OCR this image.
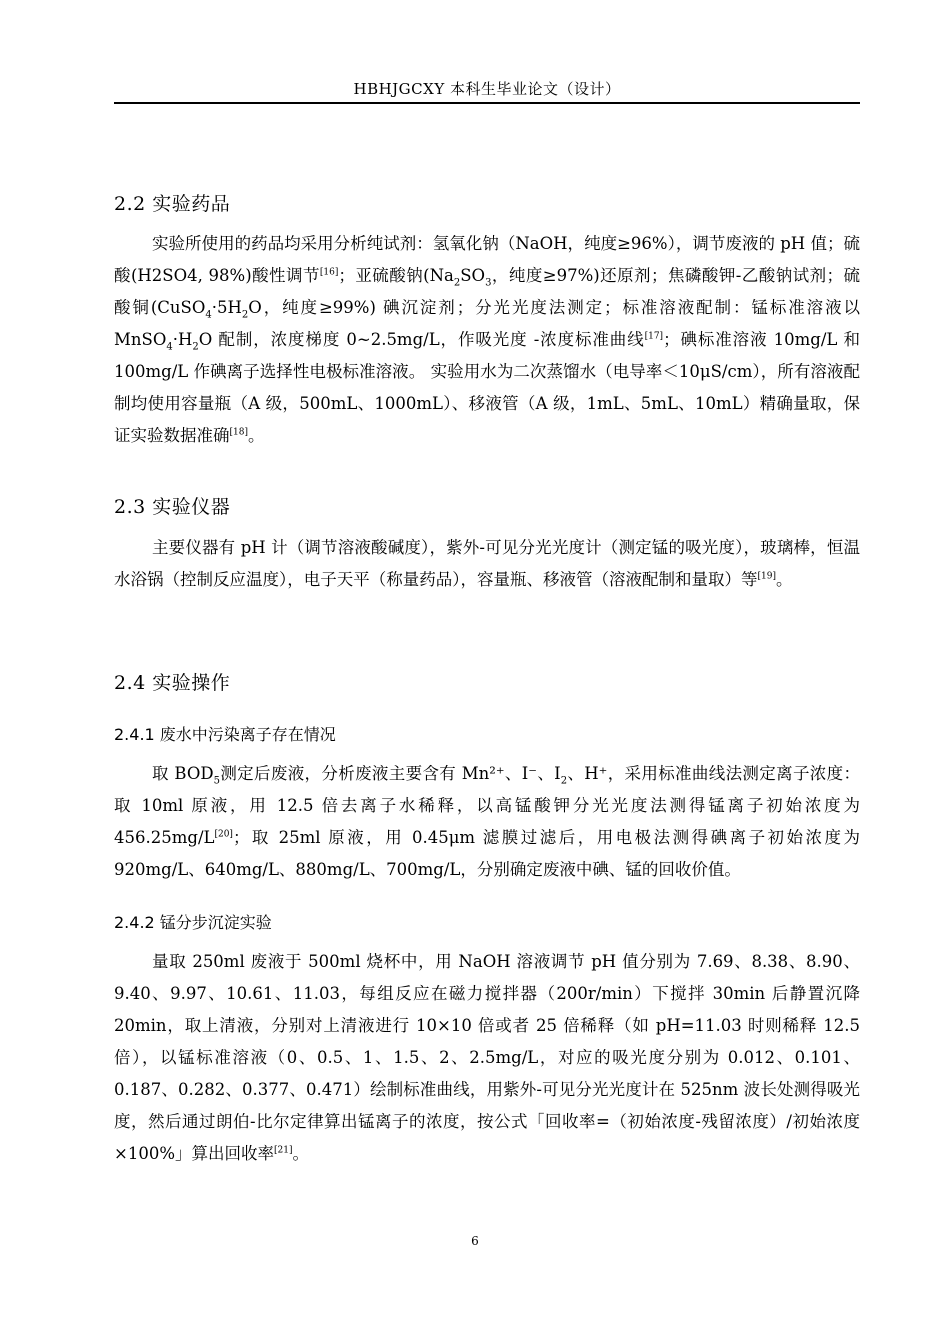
HBHJGCXY 本科生毕业论文（设计）
2.2 实验药品

实验所使用的药品均采用分析纯试剂：氢氧化钠（NaOH，纯度≥96%），调节废液的 pH 值；硫酸(H2SO4, 98%)酸性调节[16]；亚硫酸钠($Na_2SO_3$，纯度≥97%)还原剂；焦磷酸钾-乙酸钠试剂；硫酸铜($CuSO_4\cdot 5H_2O$，纯度≥99%) 碘沉淀剂；分光光度法测定；标准溶液配制：锰标准溶液以 $MnSO_4\cdot H_2O$ 配制，浓度梯度 0~2.5mg/L，作吸光度 -浓度标准曲线[17]；碘标准溶液 10mg/L 和 100mg/L 作碘离子选择性电极标准溶液。 实验用水为二次蒸馏水（电导率＜10μS/cm），所有溶液配制均使用容量瓶（A 级，500mL、1000mL）、移液管（A 级，1mL、5mL、10mL）精确量取，保证实验数据准确[18]。

2.3 实验仪器

主要仪器有 pH 计（调节溶液酸碱度），紫外-可见分光光度计（测定锰的吸光度），玻璃棒，恒温水浴锅（控制反应温度），电子天平（称量药品），容量瓶、移液管（溶液配制和量取）等[19]。

2.4 实验操作
2.4.1 废水中污染离子存在情况

取 $BOD_5$测定后废液，分析废液主要含有 Mn²⁺、I⁻、$I_2$、H⁺，采用标准曲线法测定离子浓度：取 10ml 原液，用 12.5 倍去离子水稀释，以高锰酸钾分光光度法测得锰离子初始浓度为 456.25mg/L[20]；取 25ml 原液，用 0.45μm 滤膜过滤后，用电极法测得碘离子初始浓度为 920mg/L、640mg/L、880mg/L、700mg/L，分别确定废液中碘、锰的回收价值。

2.4.2 锰分步沉淀实验

量取 250ml 废液于 500ml 烧杯中，用 NaOH 溶液调节 pH 值分别为 7.69、8.38、8.90、9.40、9.97、10.61、11.03，每组反应在磁力搅拌器（200r/min）下搅拌 30min 后静置沉降 20min，取上清液，分别对上清液进行 10×10 倍或者 25 倍稀释（如 pH=11.03 时则稀释 12.5 倍），以锰标准溶液（0、0.5、1、1.5、2、2.5mg/L，对应的吸光度分别为 0.012、0.101、0.187、0.282、0.377、0.471）绘制标准曲线，用紫外-可见分光光度计在 525nm 波长处测得吸光度，然后通过朗伯-比尔定律算出锰离子的浓度，按公式「回收率=（初始浓度-残留浓度）/初始浓度×100%」算出回收率[21]。

6
